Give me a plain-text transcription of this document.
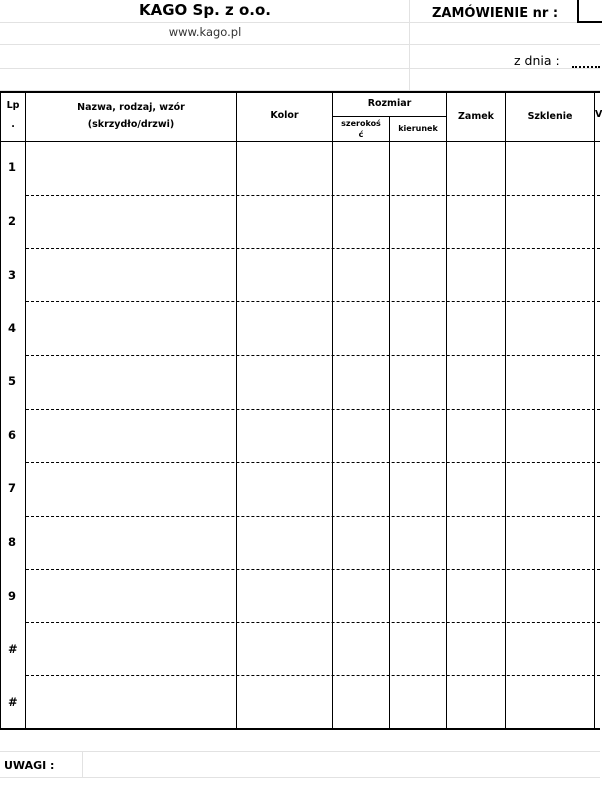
KAGO Sp. z o.o.
www.kago.pl
ZAMÓWIENIE nr :
z dnia :
Lp
.
Nazwa, rodzaj, wzór
(skrzydło/drzwi)
Kolor
Rozmiar
szerokoś
ć
kierunek
Zamek	Szklenie	V
1
2
3
4
5
6
7
8
9
#
#
UWAGI :
